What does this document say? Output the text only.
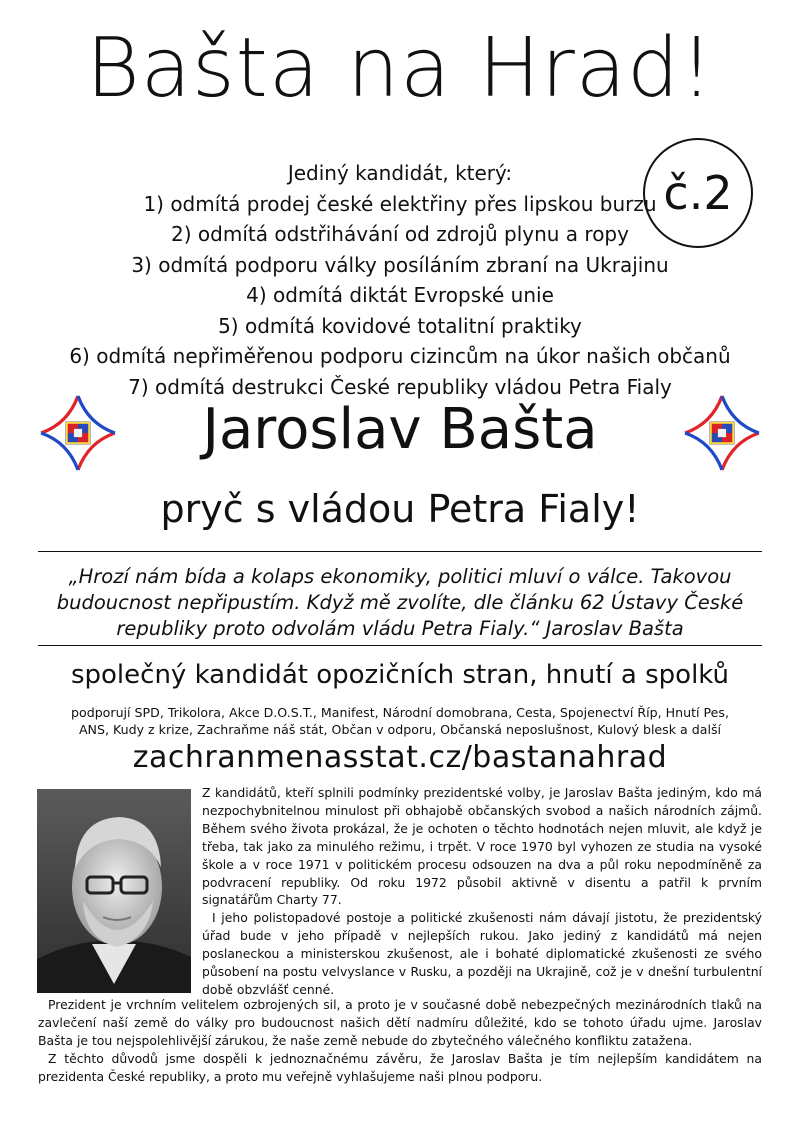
Bašta na Hrad!
č.2
Jediný kandidát, který:
1) odmítá prodej české elektřiny přes lipskou burzu
2) odmítá odstřihávání od zdrojů plynu a ropy
3) odmítá podporu války posíláním zbraní na Ukrajinu
4) odmítá diktát Evropské unie
5) odmítá kovidové totalitní praktiky
6) odmítá nepřiměřenou podporu cizincům na úkor našich občanů
7) odmítá destrukci České republiky vládou Petra Fialy
Jaroslav Bašta
pryč s vládou Petra Fialy!
„Hrozí nám bída a kolaps ekonomiky, politici mluví o válce. Takovou
budoucnost nepřipustím. Když mě zvolíte, dle článku 62 Ústavy České
republiky proto odvolám vládu Petra Fialy.“ Jaroslav Bašta
společný kandidát opozičních stran, hnutí a spolků
podporují SPD, Trikolora, Akce D.O.S.T., Manifest, Národní domobrana, Cesta, Spojenectví Říp, Hnutí Pes,
ANS, Kudy z krize, Zachraňme náš stát, Občan v odporu, Občanská neposlušnost, Kulový blesk a další
zachranmenasstat.cz/bastanahrad

Z kandidátů, kteří splnili podmínky prezidentské volby, je Jaroslav Bašta jediným, kdo má nezpochybnitelnou minulost při obhajobě občanských svobod a našich národních zájmů. Během svého života prokázal, že je ochoten o těchto hodnotách nejen mluvit, ale když je třeba, tak jako za minulého režimu, i trpět. V roce 1970 byl vyhozen ze studia na vysoké škole a v roce 1971 v politickém procesu odsouzen na dva a půl roku nepodmíněně za podvracení republiky. Od roku 1972 působil aktivně v disentu a patřil k prvním signatářům Charty 77.

I jeho polistopadové postoje a politické zkušenosti nám dávají jistotu, že prezidentský úřad bude v jeho případě v nejlepších rukou. Jako jediný z kandidátů má nejen poslaneckou a ministerskou zkušenost, ale i bohaté diplomatické zkušenosti ze svého působení na postu velvyslance v Rusku, a později na Ukrajině, což je v dnešní turbulentní době obzvlášť cenné.

Prezident je vrchním velitelem ozbrojených sil, a proto je v současné době nebezpečných mezinárodních tlaků na zavlečení naší země do války pro budoucnost našich dětí nadmíru důležité, kdo se tohoto úřadu ujme. Jaroslav Bašta je tou nejspolehlivější zárukou, že naše země nebude do zbytečného válečného konfliktu zatažena.

Z těchto důvodů jsme dospěli k jednoznačnému závěru, že Jaroslav Bašta je tím nejlepším kandidátem na prezidenta České republiky, a proto mu veřejně vyhlašujeme naši plnou podporu.
